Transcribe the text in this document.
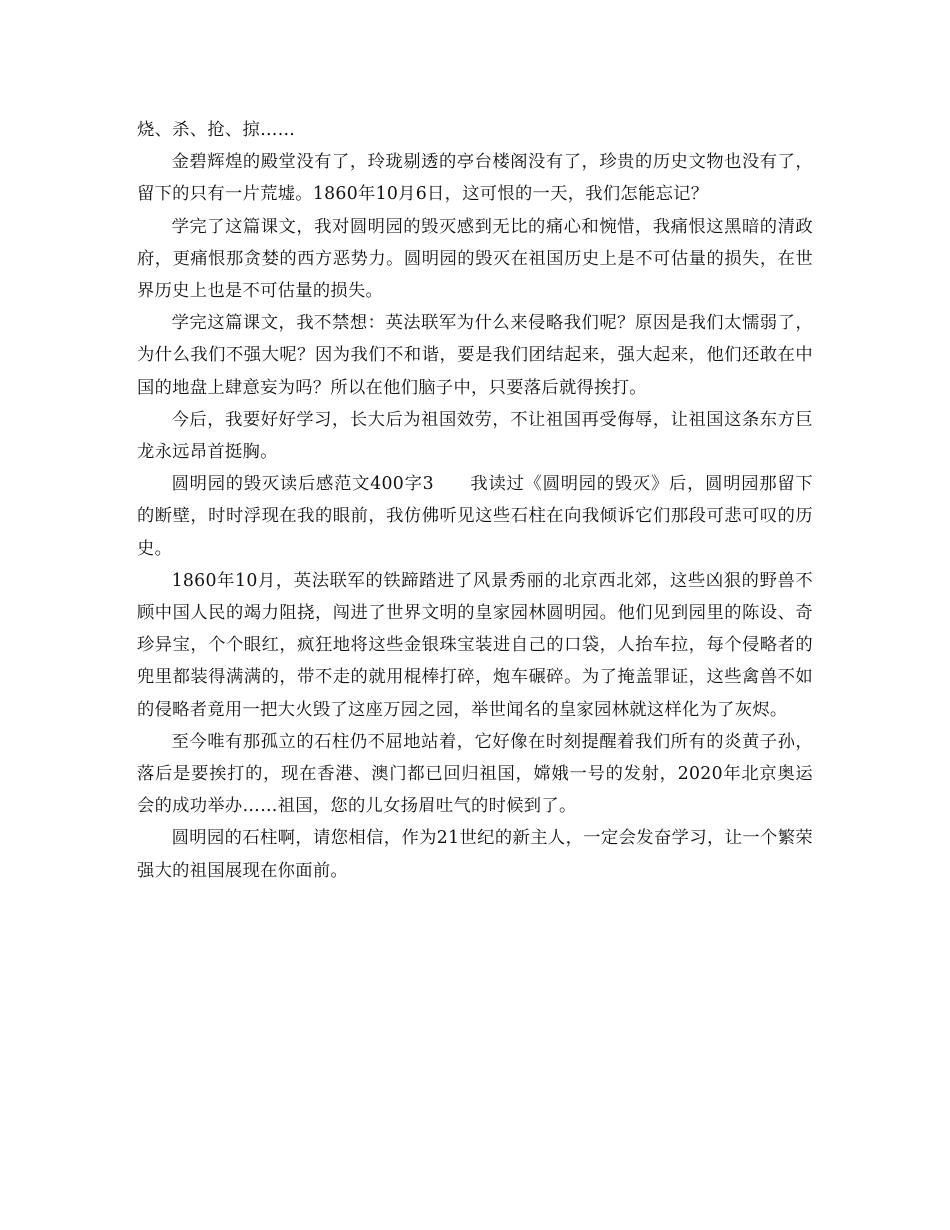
烧、杀、抢、掠……

金碧辉煌的殿堂没有了，玲珑剔透的亭台楼阁没有了，珍贵的历史文物也没有了，留下的只有一片荒墟。1860年10月6日，这可恨的一天，我们怎能忘记？

学完了这篇课文，我对圆明园的毁灭感到无比的痛心和惋惜，我痛恨这黑暗的清政府，更痛恨那贪婪的西方恶势力。圆明园的毁灭在祖国历史上是不可估量的损失，在世界历史上也是不可估量的损失。

学完这篇课文，我不禁想：英法联军为什么来侵略我们呢？原因是我们太懦弱了，为什么我们不强大呢？因为我们不和谐，要是我们团结起来，强大起来，他们还敢在中国的地盘上肆意妄为吗？所以在他们脑子中，只要落后就得挨打。

今后，我要好好学习，长大后为祖国效劳，不让祖国再受侮辱，让祖国这条东方巨龙永远昂首挺胸。

圆明园的毁灭读后感范文400字3 我读过《圆明园的毁灭》后，圆明园那留下的断壁，时时浮现在我的眼前，我仿佛听见这些石柱在向我倾诉它们那段可悲可叹的历史。

1860年10月，英法联军的铁蹄踏进了风景秀丽的北京西北郊，这些凶狠的野兽不顾中国人民的竭力阻挠，闯进了世界文明的皇家园林圆明园。他们见到园里的陈设、奇珍异宝，个个眼红，疯狂地将这些金银珠宝装进自己的口袋，人抬车拉，每个侵略者的兜里都装得满满的，带不走的就用棍棒打碎，炮车碾碎。为了掩盖罪证，这些禽兽不如的侵略者竟用一把大火毁了这座万园之园，举世闻名的皇家园林就这样化为了灰烬。

至今唯有那孤立的石柱仍不屈地站着，它好像在时刻提醒着我们所有的炎黄子孙，落后是要挨打的，现在香港、澳门都已回归祖国，嫦娥一号的发射，2020年北京奥运会的成功举办……祖国，您的儿女扬眉吐气的时候到了。

圆明园的石柱啊，请您相信，作为21世纪的新主人，一定会发奋学习，让一个繁荣强大的祖国展现在你面前。
